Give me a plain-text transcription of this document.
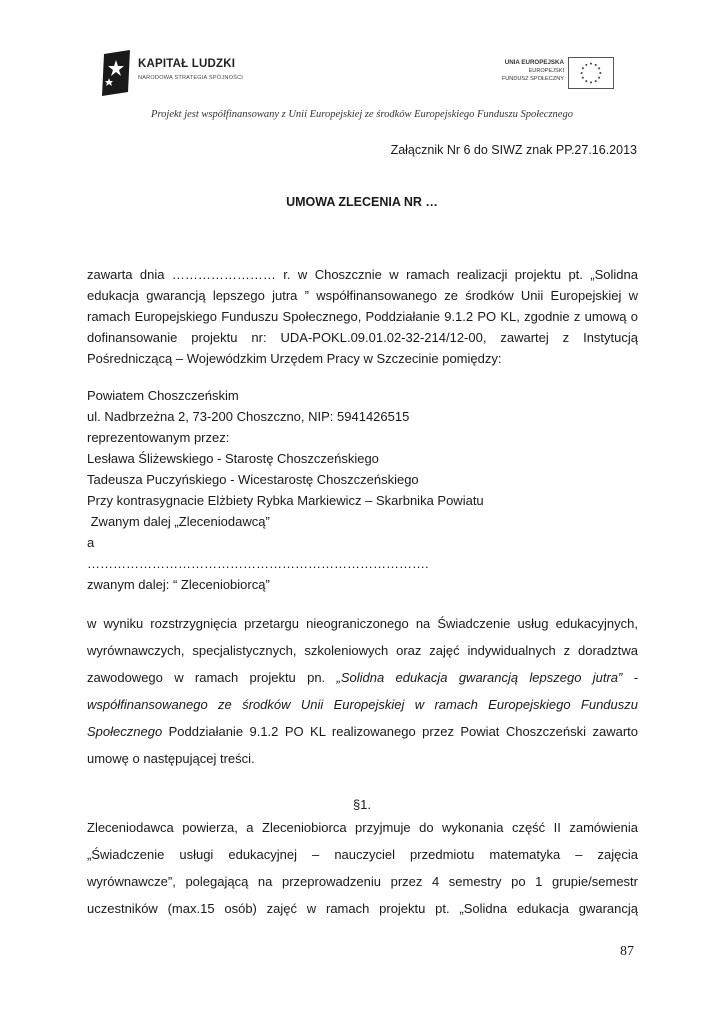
KAPITAŁ LUDZKI
NARODOWA STRATEGIA SPÓJNOŚCI
UNIA EUROPEJSKA
EUROPEJSKI
FUNDUSZ SPOŁECZNY
Projekt jest współfinansowany z Unii Europejskiej ze środków Europejskiego Funduszu Społecznego
Załącznik Nr 6 do SIWZ znak PP.27.16.2013
UMOWA ZLECENIA NR …
zawarta dnia …………………… r. w Choszcznie w ramach realizacji projektu pt. „Solidna
edukacja gwarancją lepszego jutra ” współfinansowanego ze środków Unii Europejskiej w
ramach Europejskiego Funduszu Społecznego, Poddziałanie 9.1.2 PO KL, zgodnie z umową o
dofinansowanie projektu nr: UDA-POKL.09.01.02-32-214/12-00, zawartej z Instytucją
Pośredniczącą – Wojewódzkim Urzędem Pracy w Szczecinie pomiędzy:
Powiatem Choszczeńskim
ul. Nadbrzeżna 2, 73-200 Choszczno, NIP: 5941426515
reprezentowanym przez:
Lesława Śliżewskiego - Starostę Choszczeńskiego
Tadeusza Puczyńskiego - Wicestarostę Choszczeńskiego
Przy kontrasygnacie Elżbiety Rybka Markiewicz – Skarbnika Powiatu
Zwanym dalej „Zleceniodawcą”
a
…………………………………………………………………….
zwanym dalej: “ Zleceniobiorcą”
w wyniku rozstrzygnięcia przetargu nieograniczonego na Świadczenie usług edukacyjnych,
wyrównawczych, specjalistycznych, szkoleniowych oraz zajęć indywidualnych z doradztwa
zawodowego w ramach projektu pn. „Solidna edukacja gwarancją lepszego jutra” -
współfinansowanego ze środków Unii Europejskiej w ramach Europejskiego Funduszu
Społecznego Poddziałanie 9.1.2 PO KL realizowanego przez Powiat Choszczeński zawarto
umowę o następującej treści.
§1.
Zleceniodawca powierza, a Zleceniobiorca przyjmuje do wykonania część II zamówienia
„Świadczenie usługi edukacyjnej – nauczyciel przedmiotu matematyka – zajęcia
wyrównawcze”, polegającą na przeprowadzeniu przez 4 semestry po 1 grupie/semestr
uczestników (max.15 osób) zajęć w ramach projektu pt. „Solidna edukacja gwarancją
87
